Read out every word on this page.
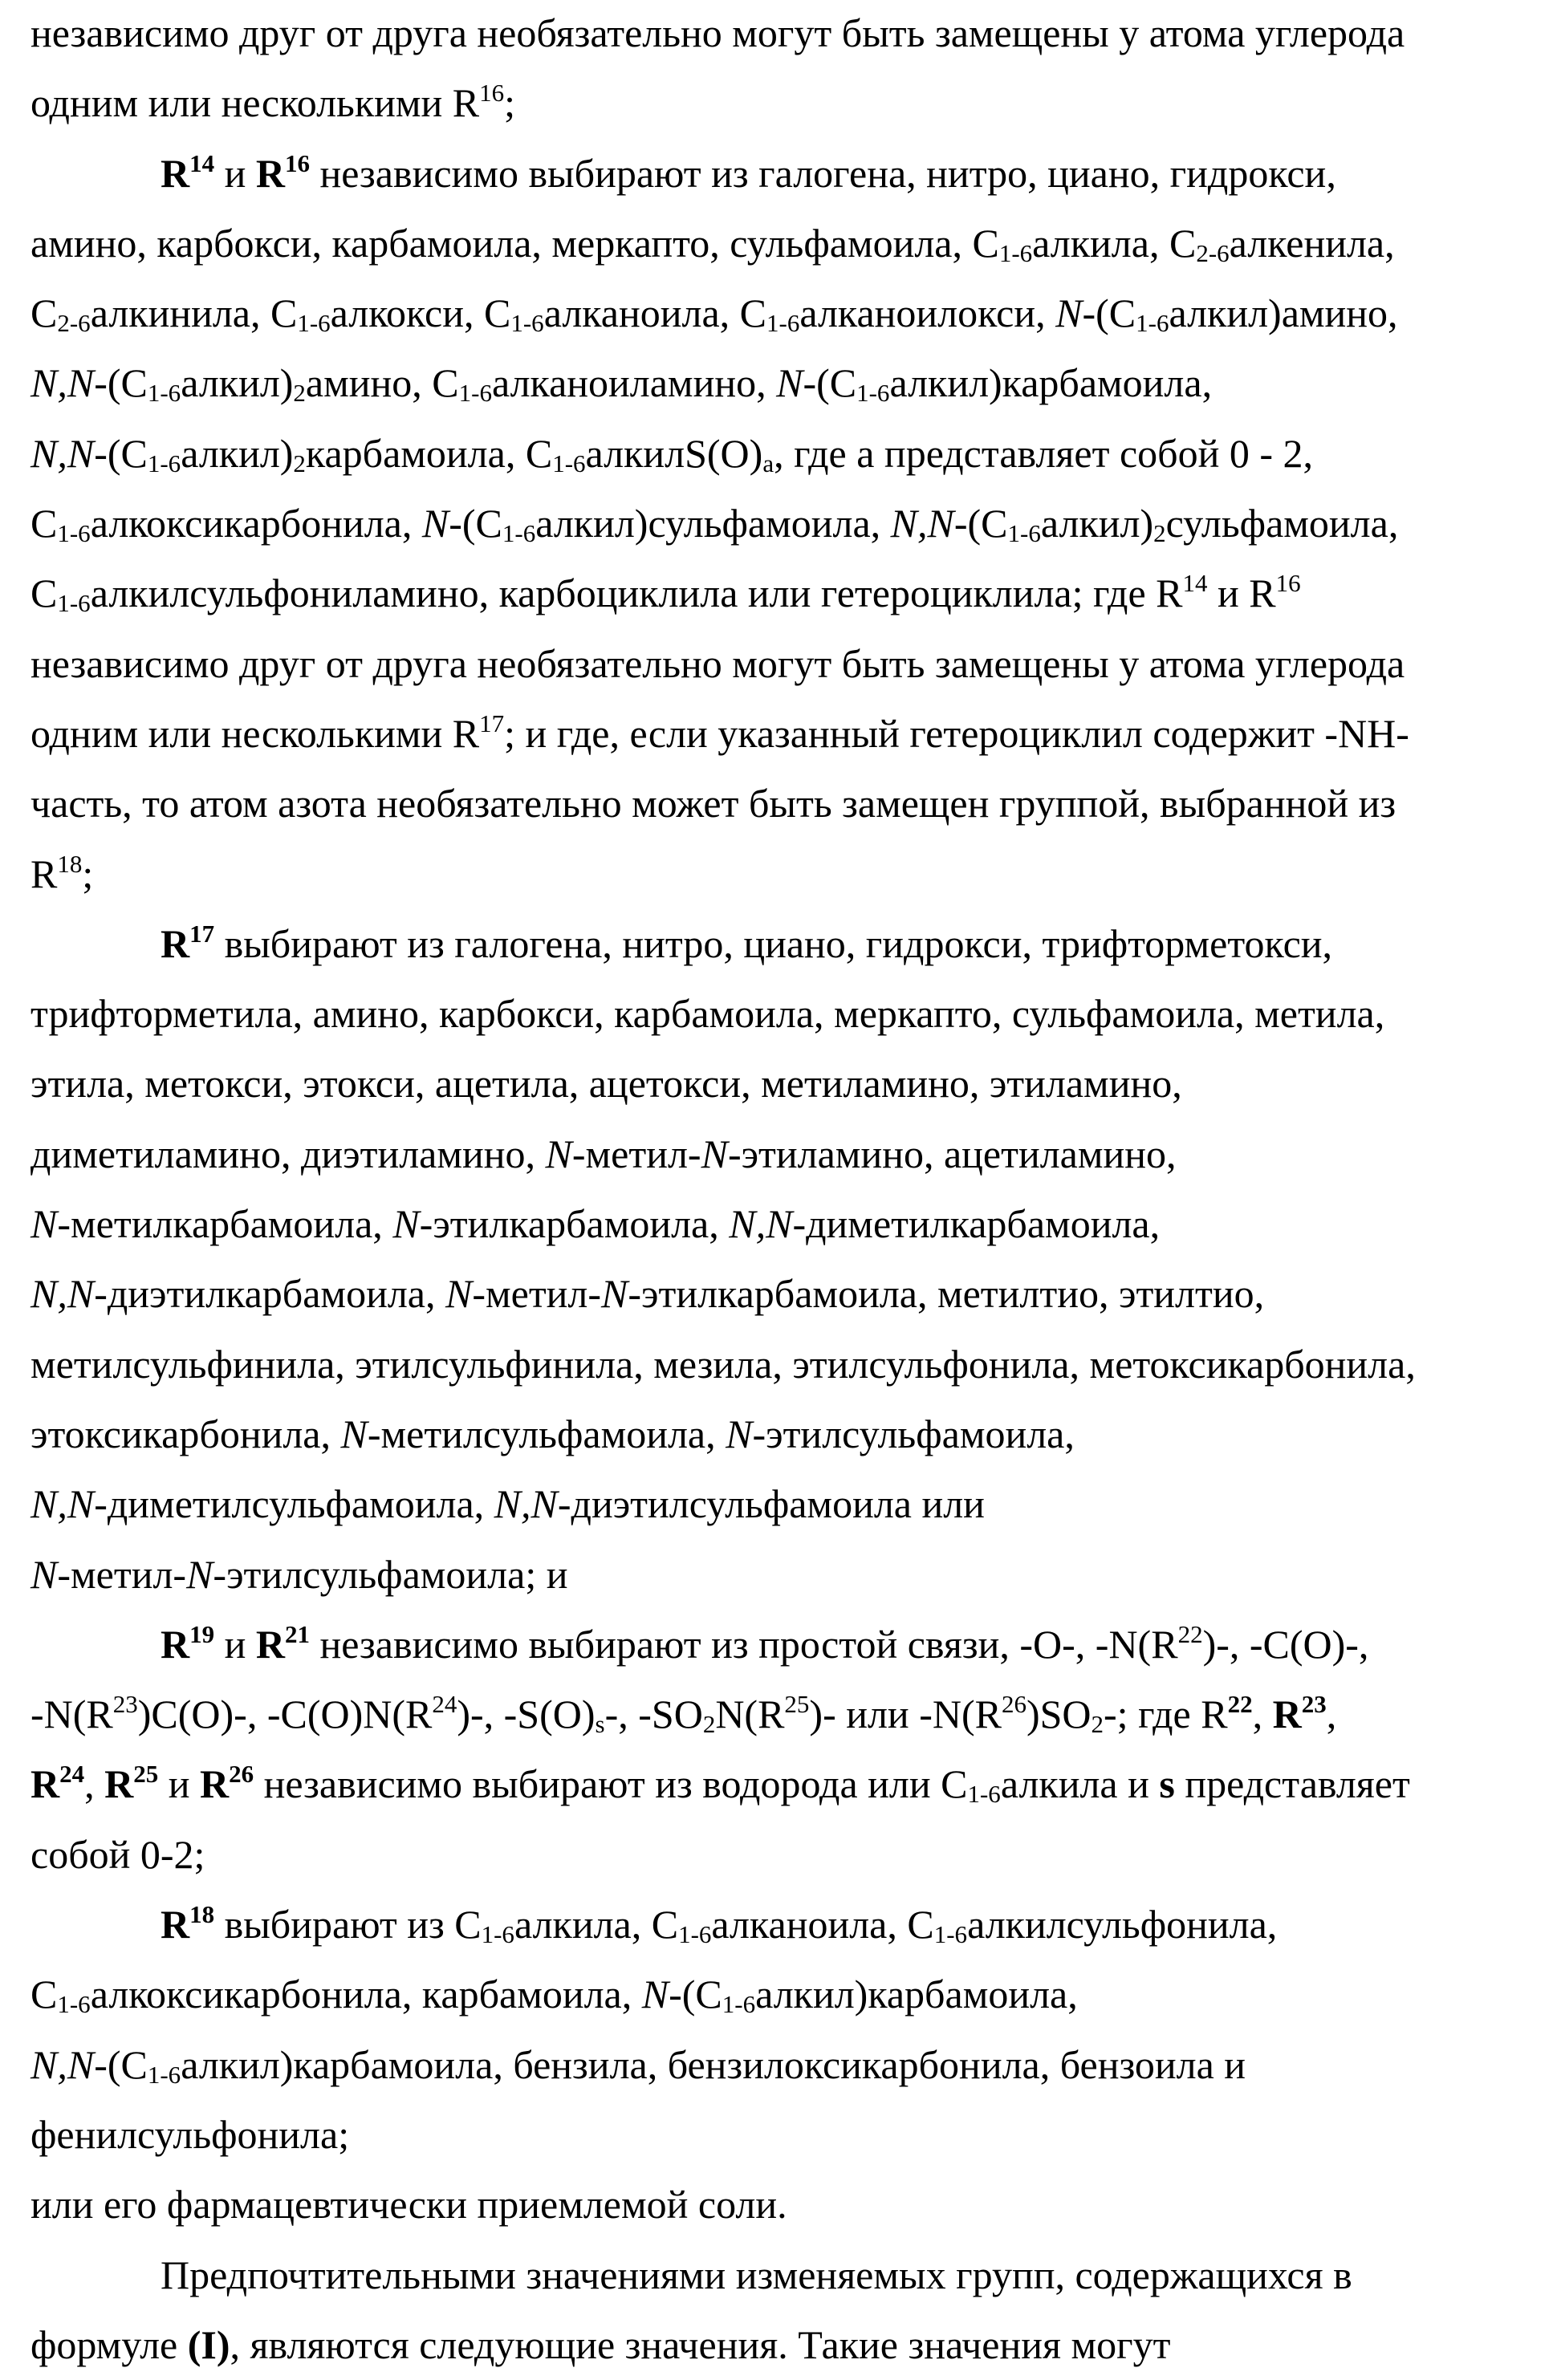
независимо друг от друга необязательно могут быть замещены у атома углерода
одним или несколькими R16;
R14 и R16 независимо выбирают из галогена, нитро, циано, гидрокси,
амино, карбокси, карбамоила, меркапто, сульфамоила, C1-6алкила, C2-6алкенила,
C2-6алкинила, C1-6алкокси, C1-6алканоила, C1-6алканоилокси, N-(C1-6алкил)амино,
N,N-(C1-6алкил)2амино, C1-6алканоиламино, N-(C1-6алкил)карбамоила,
N,N-(C1-6алкил)2карбамоила, C1-6алкилS(O)a, где a представляет собой 0 - 2,
C1-6алкоксикарбонила, N-(C1-6алкил)сульфамоила, N,N-(C1-6алкил)2сульфамоила,
C1-6алкилсульфониламино, карбоциклила или гетероциклила; где R14 и R16
независимо друг от друга необязательно могут быть замещены у атома углерода
одним или несколькими R17; и где, если указанный гетероциклил содержит -NH-
часть, то атом азота необязательно может быть замещен группой, выбранной из
R18;
R17 выбирают из галогена, нитро, циано, гидрокси, трифторметокси,
трифторметила, амино, карбокси, карбамоила, меркапто, сульфамоила, метила,
этила, метокси, этокси, ацетила, ацетокси, метиламино, этиламино,
диметиламино, диэтиламино, N-метил-N-этиламино, ацетиламино,
N-метилкарбамоила, N-этилкарбамоила, N,N-диметилкарбамоила,
N,N-диэтилкарбамоила, N-метил-N-этилкарбамоила, метилтио, этилтио,
метилсульфинила, этилсульфинила, мезила, этилсульфонила, метоксикарбонила,
этоксикарбонила, N-метилсульфамоила, N-этилсульфамоила,
N,N-диметилсульфамоила, N,N-диэтилсульфамоила или
N-метил-N-этилсульфамоила; и
R19 и R21 независимо выбирают из простой связи, -O-, -N(R22)-, -C(O)-,
-N(R23)C(O)-, -C(O)N(R24)-, -S(O)s-, -SO2N(R25)- или -N(R26)SO2-; где R22, R23,
R24, R25 и R26 независимо выбирают из водорода или C1-6алкила и s представляет
собой 0-2;
R18 выбирают из C1-6алкила, C1-6алканоила, C1-6алкилсульфонила,
C1-6алкоксикарбонила, карбамоила, N-(C1-6алкил)карбамоила,
N,N-(C1-6алкил)карбамоила, бензила, бензилоксикарбонила, бензоила и
фенилсульфонила;
или его фармацевтически приемлемой соли.
Предпочтительными значениями изменяемых групп, содержащихся в
формуле (I), являются следующие значения. Такие значения могут
